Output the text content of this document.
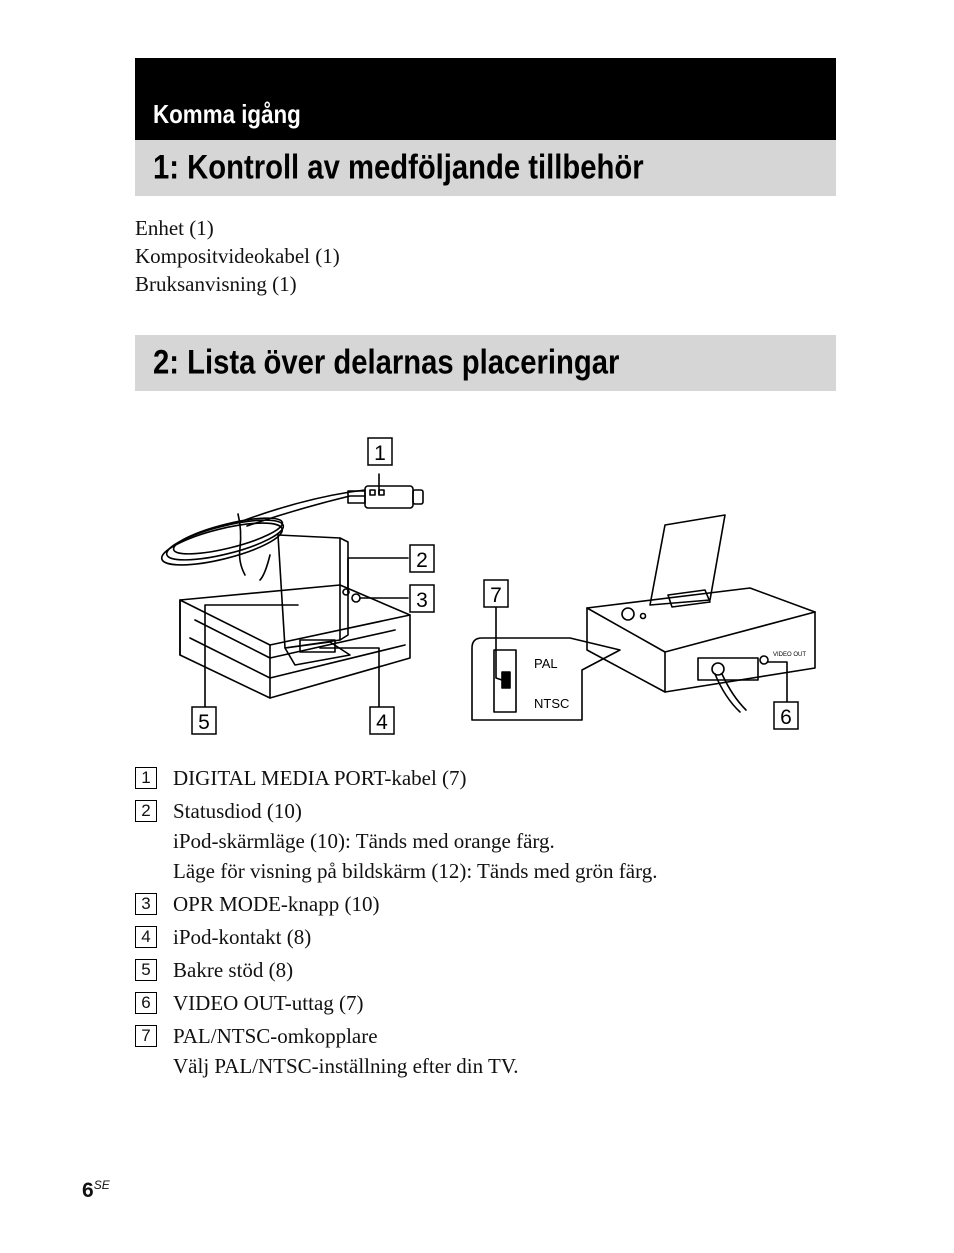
Komma igång
1: Kontroll av medföljande tillbehör
Enhet (1)
Kompositvideokabel (1)
Bruksanvisning (1)
2: Lista över delarnas placeringar
1
2
3
4
5	6
7
PAL
NTSC
VIDEO OUT
1 DIGITAL MEDIA PORT-kabel (7)
2 Statusdiod (10)
iPod-skärmläge (10): Tänds med orange färg.
Läge för visning på bildskärm (12): Tänds med grön färg.
3 OPR MODE-knapp (10)
4 iPod-kontakt (8)
5 Bakre stöd (8)
6 VIDEO OUT-uttag (7)
7 PAL/NTSC-omkopplare
Välj PAL/NTSC-inställning efter din TV.
$6^{SE}$
